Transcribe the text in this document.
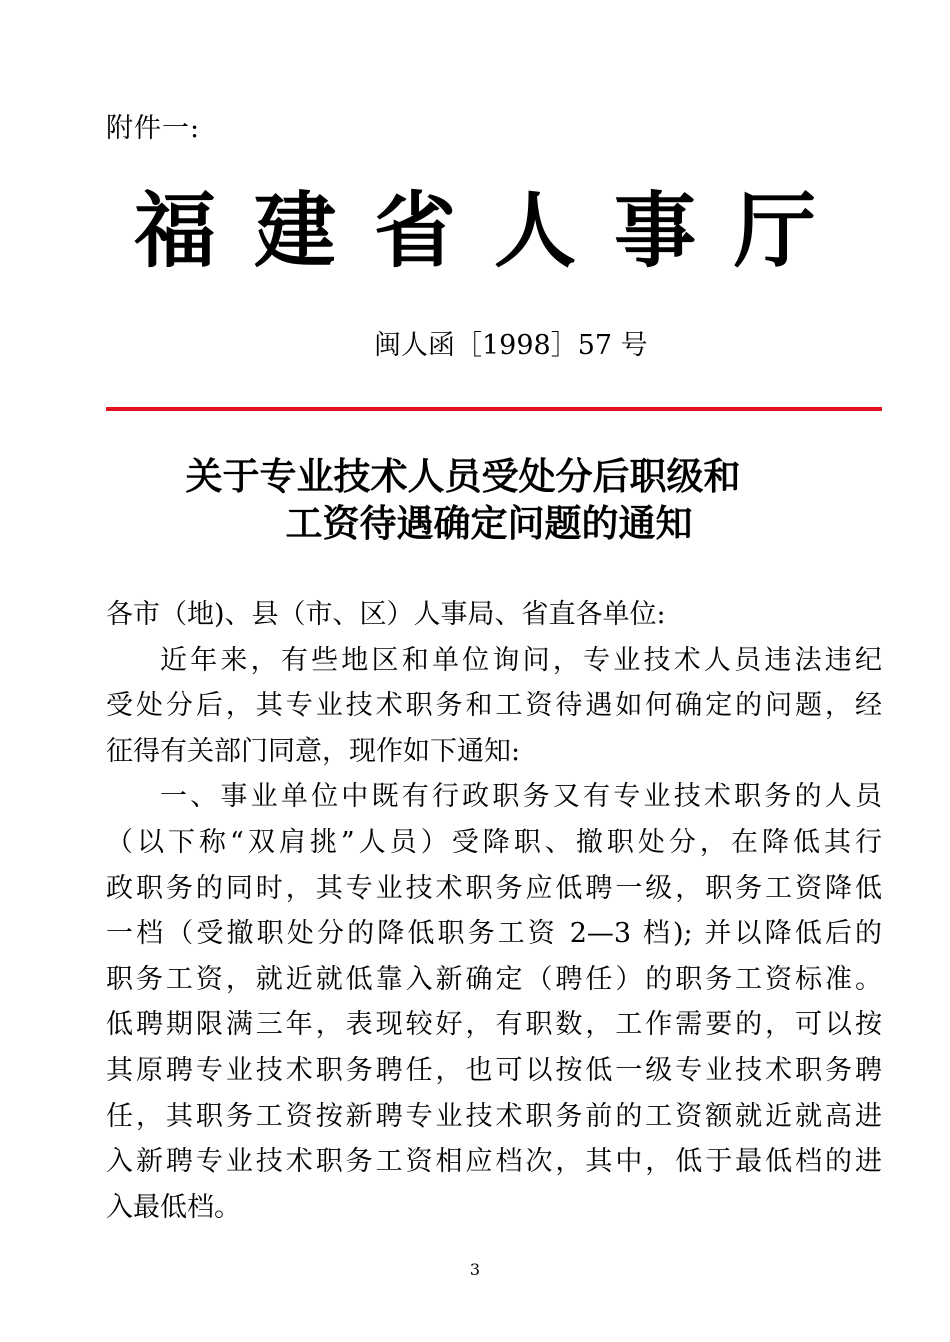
附件一:
福建省人事厅
闽人函［1998］57 号
关于专业技术人员受处分后职级和
工资待遇确定问题的通知
各市（地)、县（市、区）人事局、省直各单位:
近年来，有些地区和单位询问，专业技术人员违法违纪
受处分后，其专业技术职务和工资待遇如何确定的问题，经
征得有关部门同意，现作如下通知:
一、事业单位中既有行政职务又有专业技术职务的人员
（以下称“双肩挑”人员）受降职、撤职处分，在降低其行
政职务的同时，其专业技术职务应低聘一级，职务工资降低
一档（受撤职处分的降低职务工资 2—3 档); 并以降低后的
职务工资，就近就低靠入新确定（聘任）的职务工资标准。
低聘期限满三年，表现较好，有职数，工作需要的，可以按
其原聘专业技术职务聘任，也可以按低一级专业技术职务聘
任，其职务工资按新聘专业技术职务前的工资额就近就高进
入新聘专业技术职务工资相应档次，其中，低于最低档的进
入最低档。
3
